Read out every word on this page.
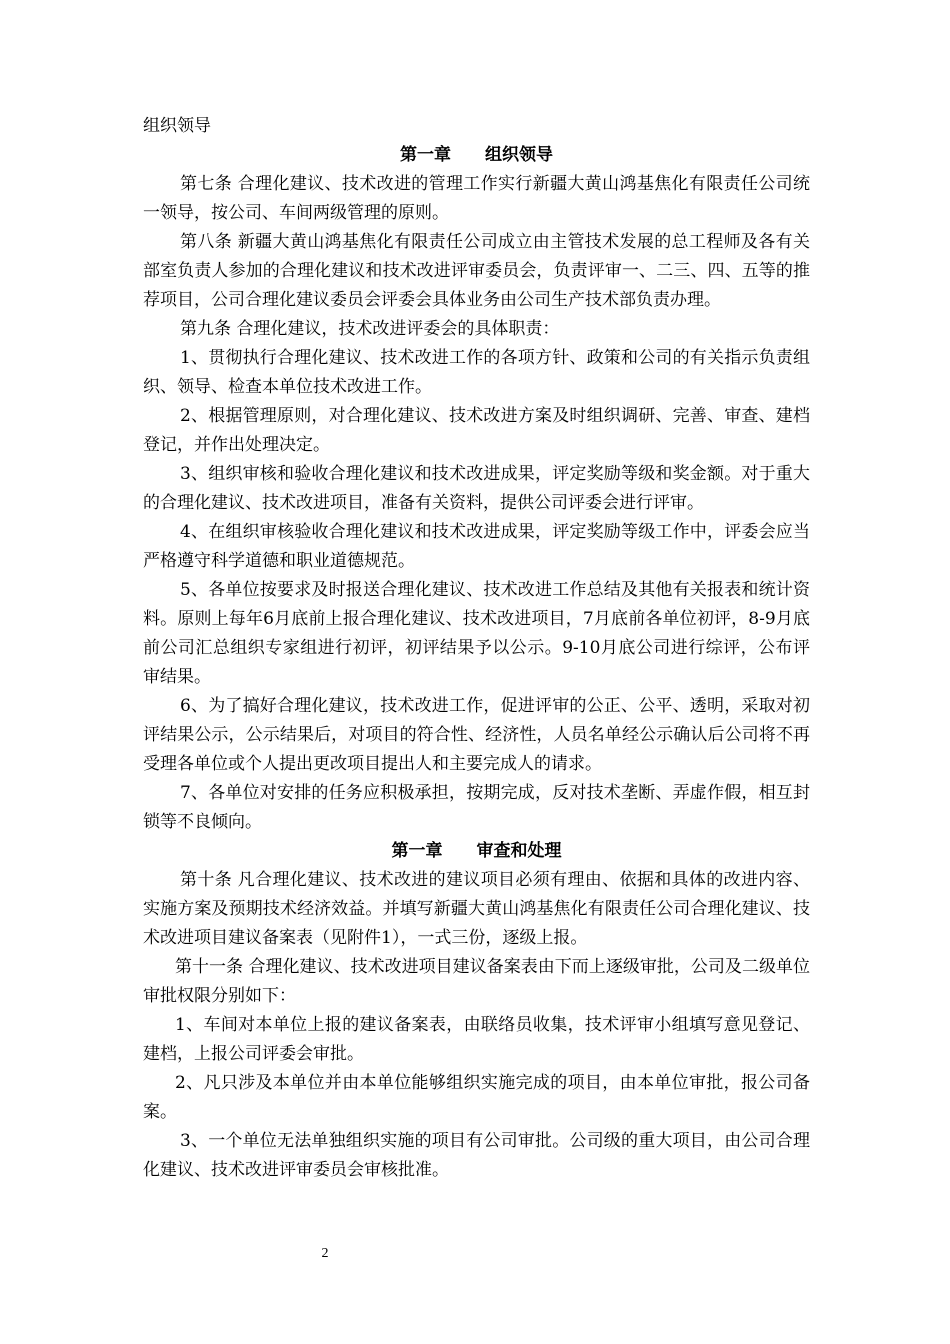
组织领导

第一章　　组织领导

第七条 合理化建议、技术改进的管理工作实行新疆大黄山鸿基焦化有限责任公司统一领导，按公司、车间两级管理的原则。

第八条 新疆大黄山鸿基焦化有限责任公司成立由主管技术发展的总工程师及各有关部室负责人参加的合理化建议和技术改进评审委员会，负责评审一、二三、四、五等的推荐项目，公司合理化建议委员会评委会具体业务由公司生产技术部负责办理。

第九条 合理化建议，技术改进评委会的具体职责：

1、贯彻执行合理化建议、技术改进工作的各项方针、政策和公司的有关指示负责组织、领导、检查本单位技术改进工作。

2、根据管理原则，对合理化建议、技术改进方案及时组织调研、完善、审查、建档登记，并作出处理决定。

3、组织审核和验收合理化建议和技术改进成果，评定奖励等级和奖金额。对于重大的合理化建议、技术改进项目，准备有关资料，提供公司评委会进行评审。

4、在组织审核验收合理化建议和技术改进成果，评定奖励等级工作中，评委会应当严格遵守科学道德和职业道德规范。

5、各单位按要求及时报送合理化建议、技术改进工作总结及其他有关报表和统计资料。原则上每年6月底前上报合理化建议、技术改进项目，7月底前各单位初评，8-9月底前公司汇总组织专家组进行初评，初评结果予以公示。9-10月底公司进行综评，公布评审结果。

6、为了搞好合理化建议，技术改进工作，促进评审的公正、公平、透明，采取对初评结果公示，公示结果后，对项目的符合性、经济性，人员名单经公示确认后公司将不再受理各单位或个人提出更改项目提出人和主要完成人的请求。

7、各单位对安排的任务应积极承担，按期完成，反对技术垄断、弄虚作假，相互封锁等不良倾向。

第一章　　审查和处理

第十条 凡合理化建议、技术改进的建议项目必须有理由、依据和具体的改进内容、实施方案及预期技术经济效益。并填写新疆大黄山鸿基焦化有限责任公司合理化建议、技术改进项目建议备案表（见附件1），一式三份，逐级上报。

第十一条 合理化建议、技术改进项目建议备案表由下而上逐级审批，公司及二级单位审批权限分别如下：

1、车间对本单位上报的建议备案表，由联络员收集，技术评审小组填写意见登记、建档，上报公司评委会审批。

2、凡只涉及本单位并由本单位能够组织实施完成的项目，由本单位审批，报公司备案。

3、一个单位无法单独组织实施的项目有公司审批。公司级的重大项目，由公司合理化建议、技术改进评审委员会审核批准。

2
